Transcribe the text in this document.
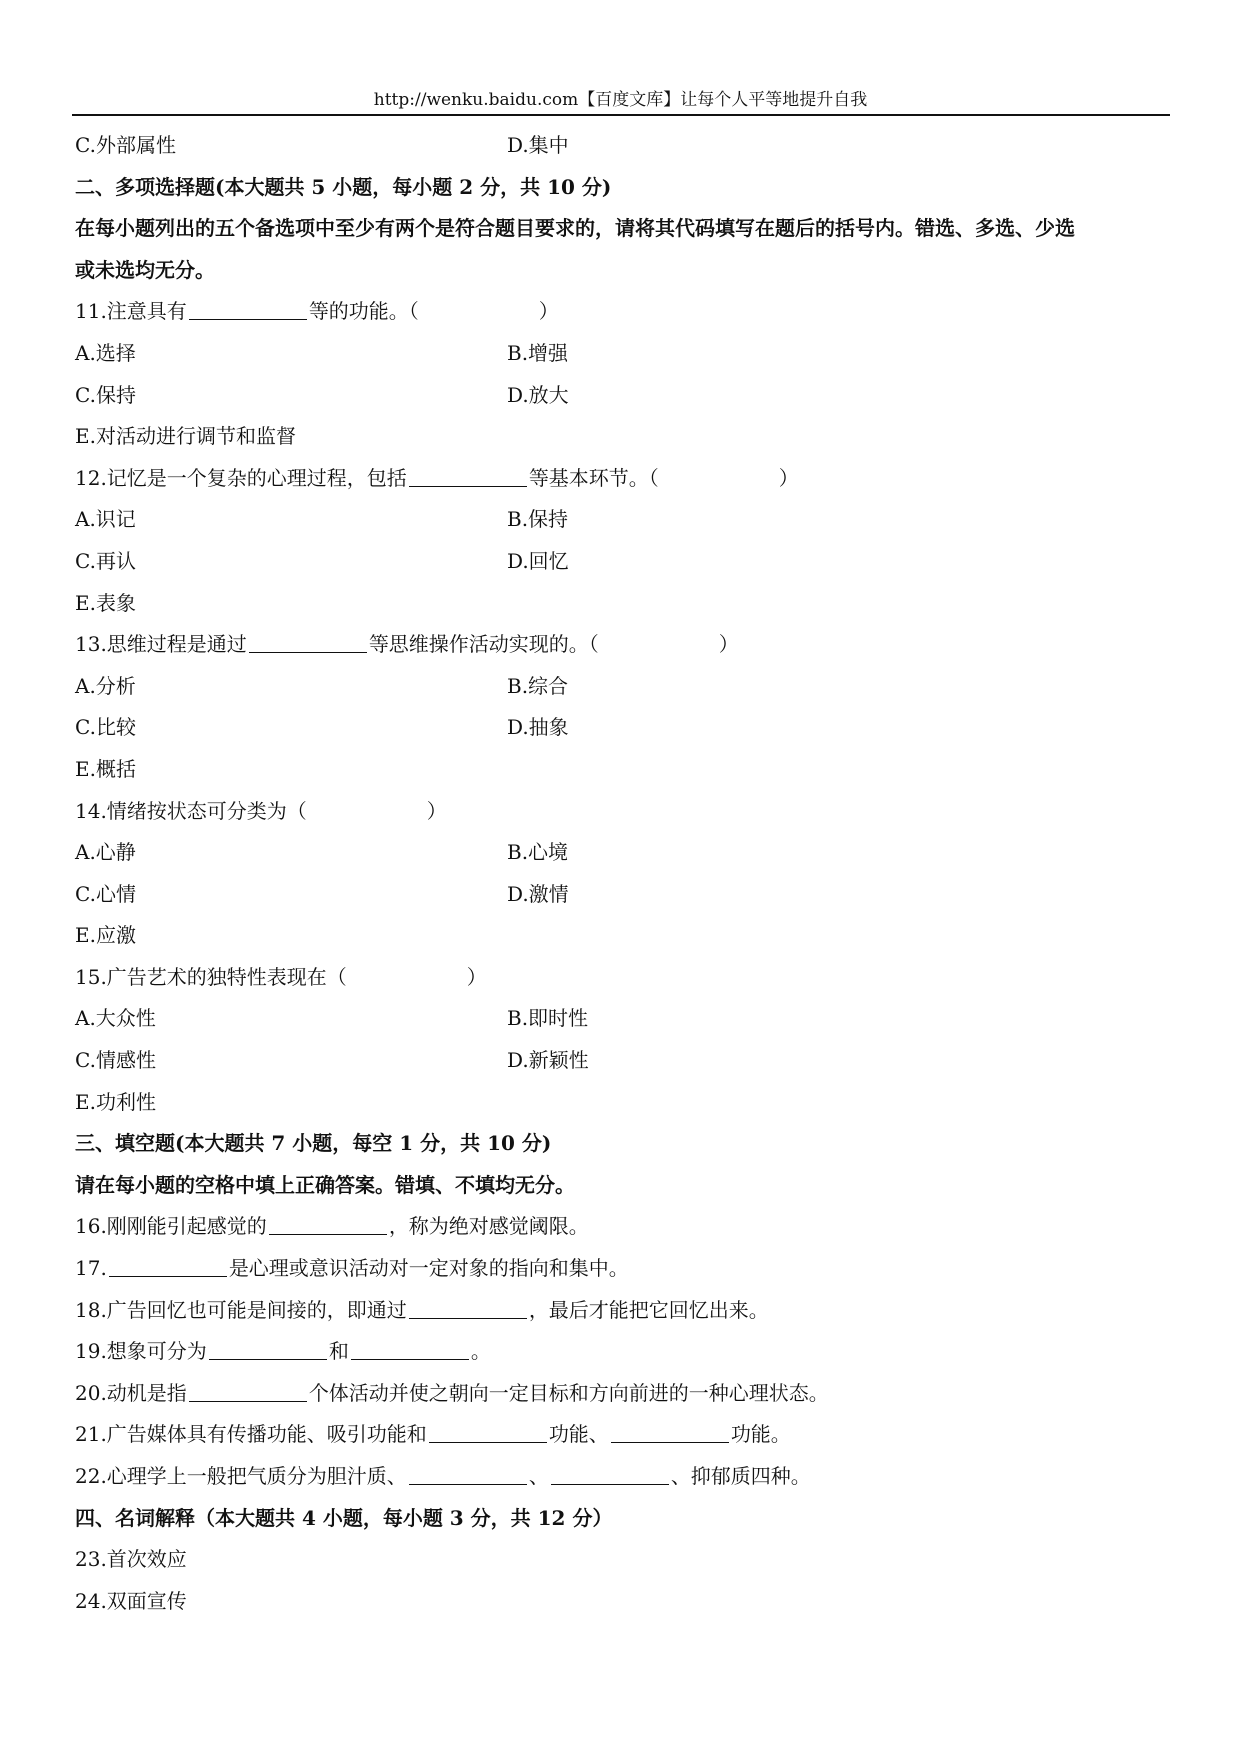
http://wenku.baidu.com【百度文库】让每个人平等地提升自我
C.外部属性	D.集中
二、多项选择题(本大题共 5 小题，每小题 2 分，共 10 分)
在每小题列出的五个备选项中至少有两个是符合题目要求的，请将其代码填写在题后的括号内。错选、多选、少选
或未选均无分。
11.注意具有	等的功能。（　　　　　　）
A.选择	B.增强
C.保持	D.放大
E.对活动进行调节和监督
12.记忆是一个复杂的心理过程，包括	等基本环节。（　　　　　　）
A.识记	B.保持
C.再认	D.回忆
E.表象
13.思维过程是通过	等思维操作活动实现的。（　　　　　　）
A.分析	B.综合
C.比较	D.抽象
E.概括
14.情绪按状态可分类为（　　　　　　）
A.心静	B.心境
C.心情	D.激情
E.应激
15.广告艺术的独特性表现在（　　　　　　）
A.大众性	B.即时性
C.情感性	D.新颖性
E.功利性
三、填空题(本大题共 7 小题，每空 1 分，共 10 分)
请在每小题的空格中填上正确答案。错填、不填均无分。
16.刚刚能引起感觉的	，称为绝对感觉阈限。
17.	是心理或意识活动对一定对象的指向和集中。
18.广告回忆也可能是间接的，即通过	，最后才能把它回忆出来。
19.想象可分为	和	。
20.动机是指	个体活动并使之朝向一定目标和方向前进的一种心理状态。
21.广告媒体具有传播功能、吸引功能和	功能、	功能。
22.心理学上一般把气质分为胆汁质、	、	、抑郁质四种。
四、名词解释（本大题共 4 小题，每小题 3 分，共 12 分）
23.首次效应
24.双面宣传
